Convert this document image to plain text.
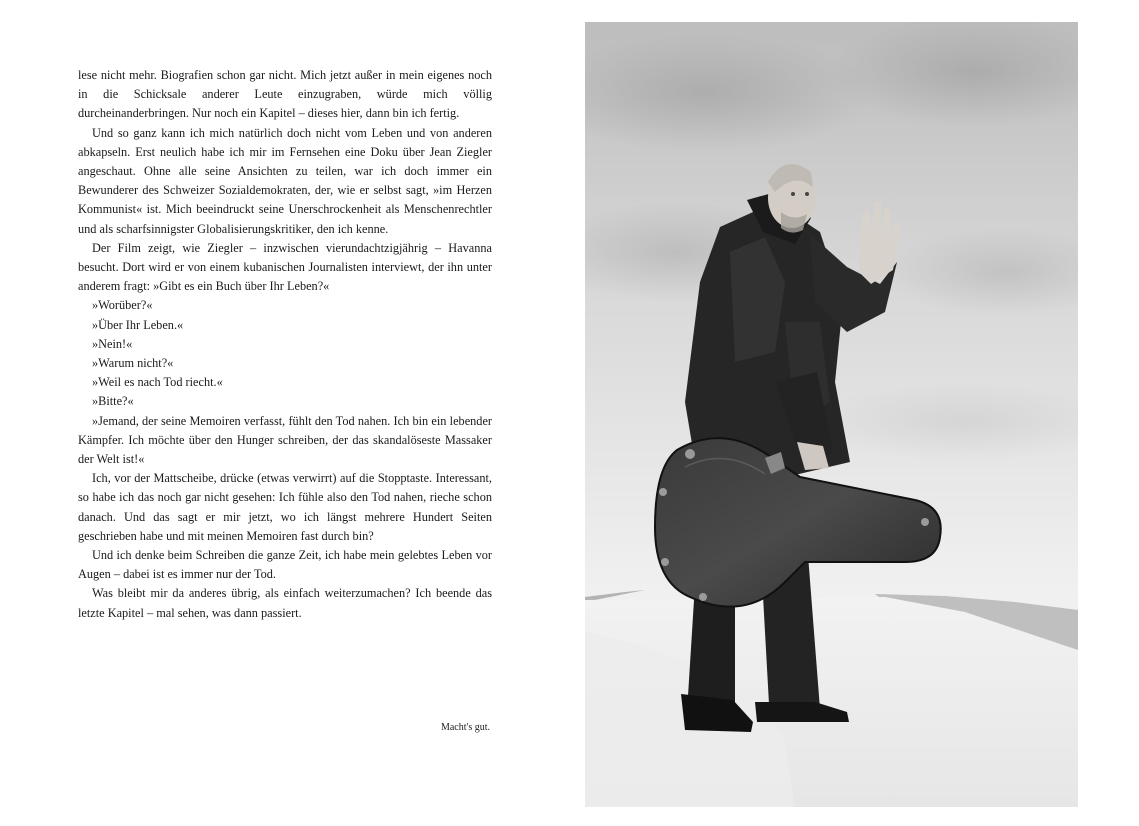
lese nicht mehr. Biografien schon gar nicht. Mich jetzt außer in mein eigenes noch in die Schicksale anderer Leute einzugraben, würde mich völlig durcheinanderbringen. Nur noch ein Kapitel – dieses hier, dann bin ich fertig.

Und so ganz kann ich mich natürlich doch nicht vom Leben und von anderen abkapseln. Erst neulich habe ich mir im Fernsehen eine Doku über Jean Ziegler angeschaut. Ohne alle seine Ansichten zu teilen, war ich doch immer ein Bewunderer des Schweizer Sozialdemokraten, der, wie er selbst sagt, »im Herzen Kommunist« ist. Mich beeindruckt seine Unerschrockenheit als Menschenrechtler und als scharfsinnigster Globalisierungskritiker, den ich kenne.

Der Film zeigt, wie Ziegler – inzwischen vierundachtzigjährig – Havanna besucht. Dort wird er von einem kubanischen Journalisten interviewt, der ihn unter anderem fragt: »Gibt es ein Buch über Ihr Leben?«

»Worüber?«

»Über Ihr Leben.«

»Nein!«

»Warum nicht?«

»Weil es nach Tod riecht.«

»Bitte?«

»Jemand, der seine Memoiren verfasst, fühlt den Tod nahen. Ich bin ein lebender Kämpfer. Ich möchte über den Hunger schreiben, der das skandalöseste Massaker der Welt ist!«

Ich, vor der Mattscheibe, drücke (etwas verwirrt) auf die Stopptaste. Interessant, so habe ich das noch gar nicht gesehen: Ich fühle also den Tod nahen, rieche schon danach. Und das sagt er mir jetzt, wo ich längst mehrere Hundert Seiten geschrieben habe und mit meinen Memoiren fast durch bin?

Und ich denke beim Schreiben die ganze Zeit, ich habe mein gelebtes Leben vor Augen – dabei ist es immer nur der Tod.

Was bleibt mir da anderes übrig, als einfach weiterzumachen? Ich beende das letzte Kapitel – mal sehen, was dann passiert.

Macht's gut.
